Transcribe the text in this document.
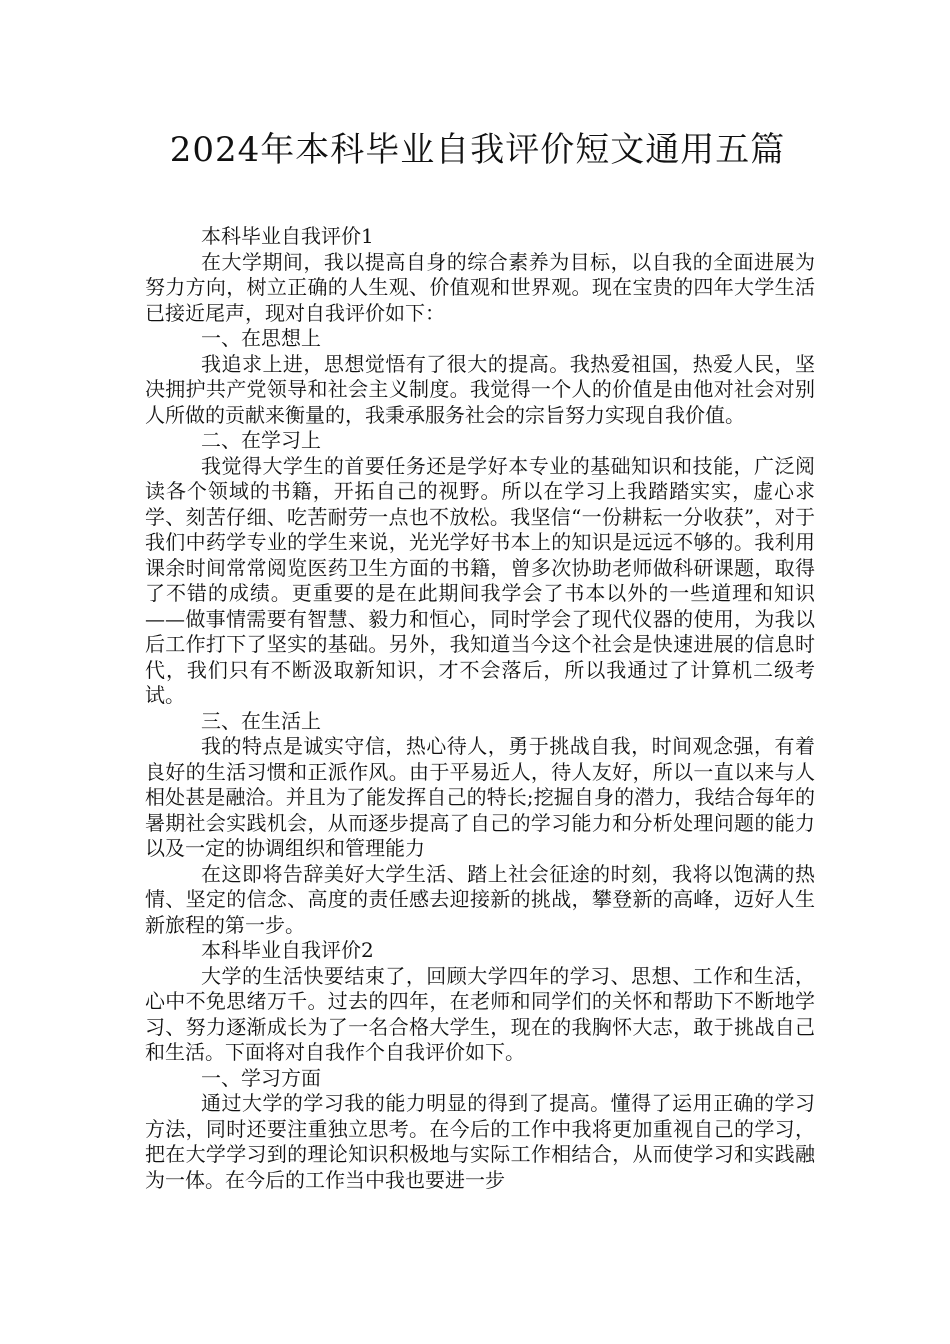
2024年本科毕业自我评价短文通用五篇

本科毕业自我评价1

在大学期间，我以提高自身的综合素养为目标，以自我的全面进展为努力方向，树立正确的人生观、价值观和世界观。现在宝贵的四年大学生活已接近尾声，现对自我评价如下：

一、在思想上

我追求上进，思想觉悟有了很大的提高。我热爱祖国，热爱人民，坚决拥护共产党领导和社会主义制度。我觉得一个人的价值是由他对社会对别人所做的贡献来衡量的，我秉承服务社会的宗旨努力实现自我价值。

二、在学习上

我觉得大学生的首要任务还是学好本专业的基础知识和技能，广泛阅读各个领域的书籍，开拓自己的视野。所以在学习上我踏踏实实，虚心求学、刻苦仔细、吃苦耐劳一点也不放松。我坚信“一份耕耘一分收获”，对于我们中药学专业的学生来说，光光学好书本上的知识是远远不够的。我利用课余时间常常阅览医药卫生方面的书籍，曾多次协助老师做科研课题，取得了不错的成绩。更重要的是在此期间我学会了书本以外的一些道理和知识——做事情需要有智慧、毅力和恒心，同时学会了现代仪器的使用，为我以后工作打下了坚实的基础。另外，我知道当今这个社会是快速进展的信息时代，我们只有不断汲取新知识，才不会落后，所以我通过了计算机二级考试。

三、在生活上

我的特点是诚实守信，热心待人，勇于挑战自我，时间观念强，有着良好的生活习惯和正派作风。由于平易近人，待人友好，所以一直以来与人相处甚是融洽。并且为了能发挥自己的特长;挖掘自身的潜力，我结合每年的暑期社会实践机会，从而逐步提高了自己的学习能力和分析处理问题的能力以及一定的协调组织和管理能力

在这即将告辞美好大学生活、踏上社会征途的时刻，我将以饱满的热情、坚定的信念、高度的责任感去迎接新的挑战，攀登新的高峰，迈好人生新旅程的第一步。

本科毕业自我评价2

大学的生活快要结束了，回顾大学四年的学习、思想、工作和生活，心中不免思绪万千。过去的四年，在老师和同学们的关怀和帮助下不断地学习、努力逐渐成长为了一名合格大学生，现在的我胸怀大志，敢于挑战自己和生活。下面将对自我作个自我评价如下。

一、学习方面

通过大学的学习我的能力明显的得到了提高。懂得了运用正确的学习方法，同时还要注重独立思考。在今后的工作中我将更加重视自己的学习，把在大学学习到的理论知识积极地与实际工作相结合，从而使学习和实践融为一体。在今后的工作当中我也要进一步
